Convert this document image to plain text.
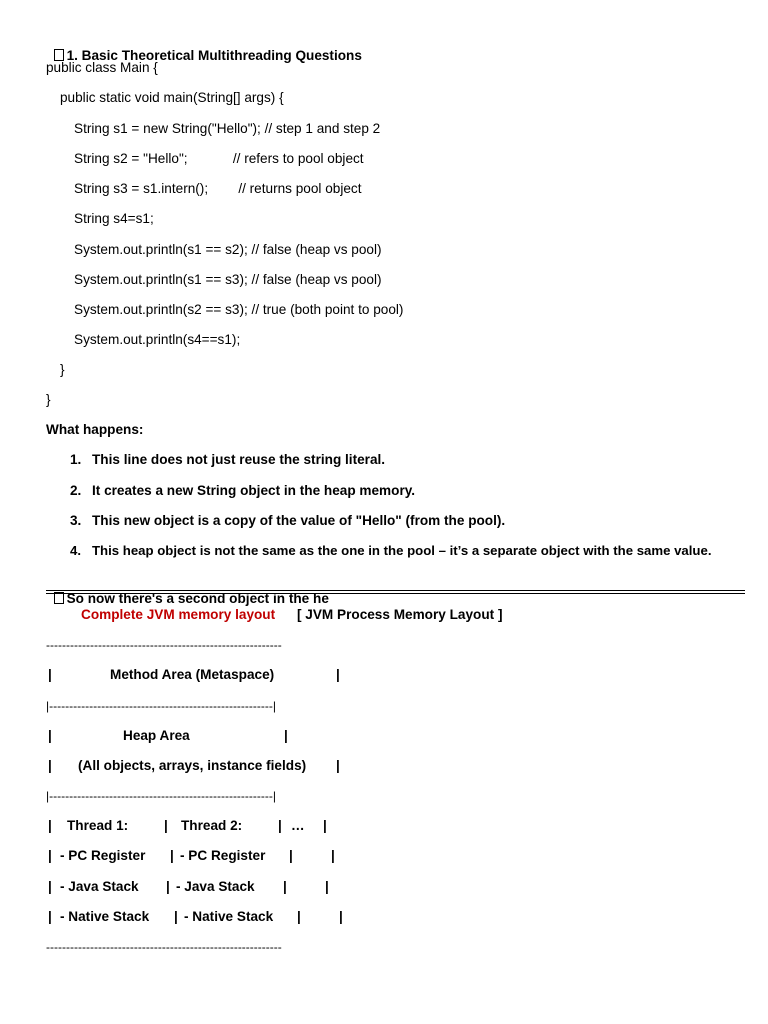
1. Basic Theoretical Multithreading Questions

public class Main {
public static void main(String[] args) {
String s1 = new String("Hello"); // step 1 and step 2
String s2 = "Hello";            // refers to pool object
String s3 = s1.intern();        // returns pool object
String s4=s1;
System.out.println(s1 == s2); // false (heap vs pool)
System.out.println(s1 == s3); // false (heap vs pool)
System.out.println(s2 == s3); // true (both point to pool)
System.out.println(s4==s1);
}
}
What happens:
1. This line does not just reuse the string literal.
2. It creates a new String object in the heap memory.
3. This new object is a copy of the value of "Hello" (from the pool).
4. This heap object is not the same as the one in the pool – it’s a separate object with the same value.

So now there's a second object in the he

Complete JVM memory layout [ JVM Process Memory Layout ]
-----------------------------------------------------------
|	Method Area (Metaspace)	|
|--------------------------------------------------------|
|	Heap Area	|
| (All objects, arrays, instance fields) |
|--------------------------------------------------------|
| Thread 1:	| Thread 2:	| … |
| - PC Register | - PC Register |	|
| - Java Stack | - Java Stack |	|
| - Native Stack | - Native Stack |	|
-----------------------------------------------------------
